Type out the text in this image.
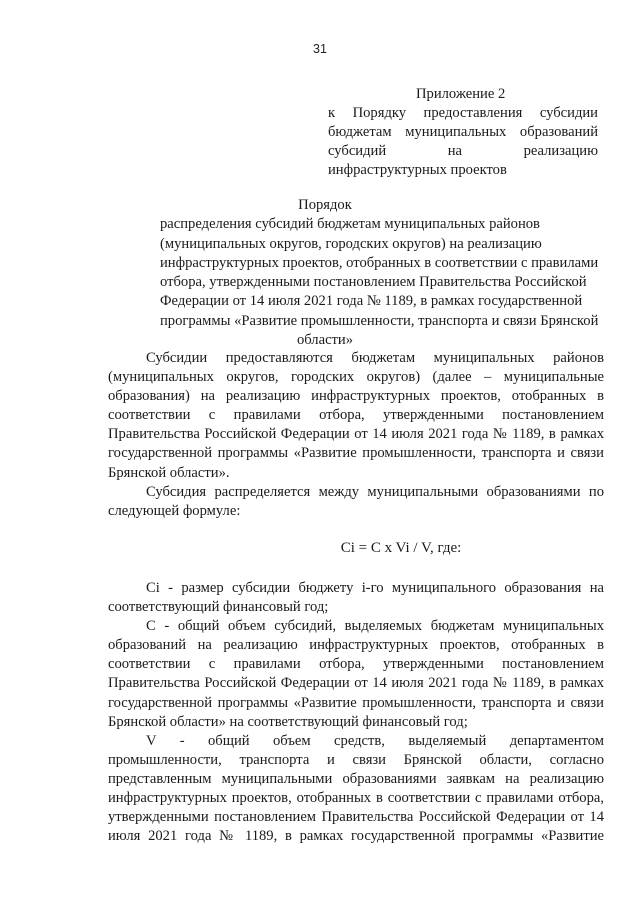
31
Приложение 2
к Порядку предоставления субсидии
бюджетам муниципальных образований
субсидий на реализацию
инфраструктурных проектов
Порядок
распределения субсидий бюджетам муниципальных районов
(муниципальных округов, городских округов) на реализацию
инфраструктурных проектов, отобранных в соответствии с правилами
отбора, утвержденными постановлением Правительства Российской
Федерации от 14 июля 2021 года № 1189, в рамках государственной
программы «Развитие промышленности, транспорта и связи Брянской
области»

Субсидии предоставляются бюджетам муниципальных районов
(муниципальных округов, городских округов) (далее – муниципальные
образования) на реализацию инфраструктурных проектов, отобранных в
соответствии с правилами отбора, утвержденными постановлением
Правительства Российской Федерации от 14 июля 2021 года № 1189, в рамках
государственной программы «Развитие промышленности, транспорта и связи
Брянской области».

Субсидия распределяется между муниципальными образованиями по
следующей формуле:

Ci = C x Vi / V, где:

Ci - размер субсидии бюджету i-го муниципального образования на
соответствующий финансовый год;

C - общий объем субсидий, выделяемых бюджетам муниципальных
образований на реализацию инфраструктурных проектов, отобранных в
соответствии с правилами отбора, утвержденными постановлением
Правительства Российской Федерации от 14 июля 2021 года № 1189, в рамках
государственной программы «Развитие промышленности, транспорта и связи
Брянской области» на соответствующий финансовый год;

V - общий объем средств, выделяемый департаментом
промышленности, транспорта и связи Брянской области, согласно
представленным муниципальными образованиями заявкам на реализацию
инфраструктурных проектов, отобранных в соответствии с правилами отбора,
утвержденными постановлением Правительства Российской Федерации от 14
июля 2021 года № 1189, в рамках государственной программы «Развитие
